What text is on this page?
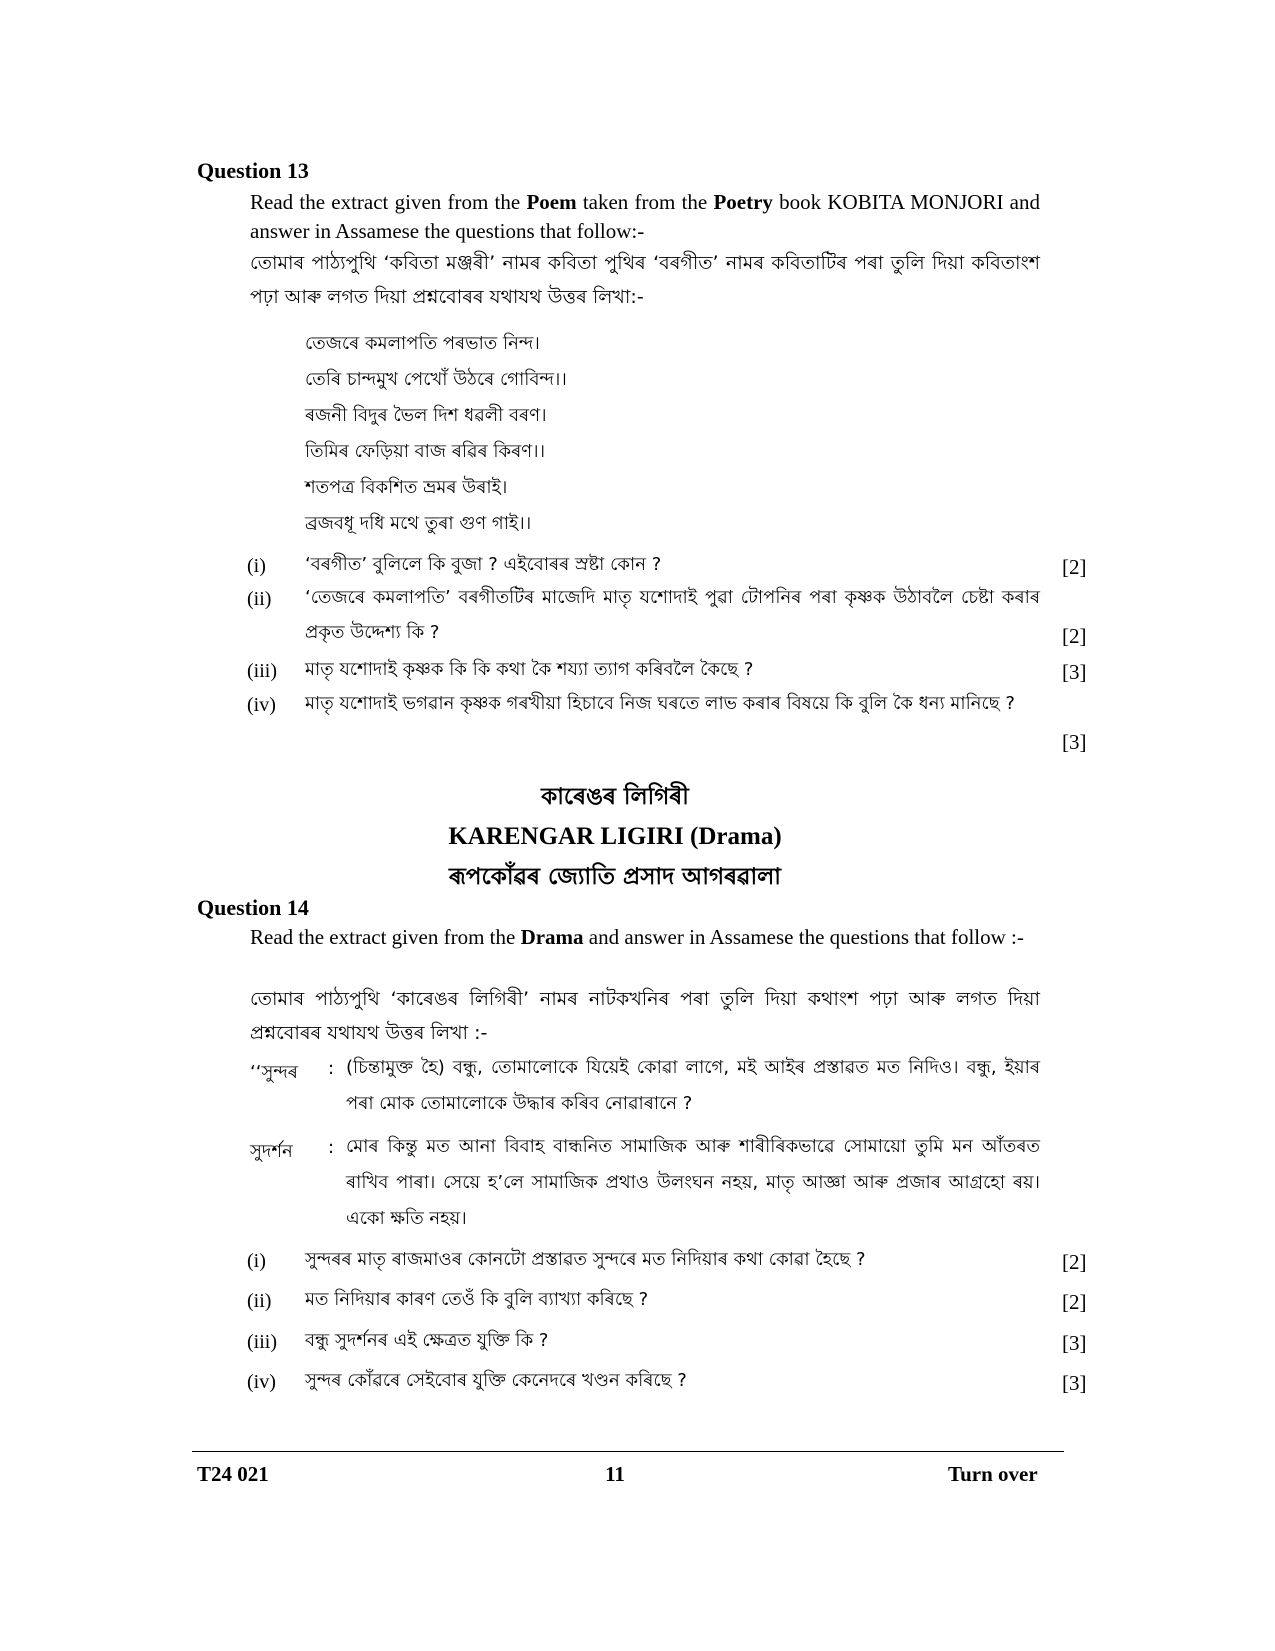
Question 13
Read the extract given from the Poem taken from the Poetry book KOBITA MONJORI and answer in Assamese the questions that follow:-
তোমাৰ পাঠ্যপুথি ‘কবিতা মঞ্জৰী’ নামৰ কবিতা পুথিৰ ‘বৰগীত’ নামৰ কবিতাটিৰ পৰা তুলি দিয়া কবিতাংশ পঢ়া আৰু লগত দিয়া প্ৰশ্নবোৰৰ যথাযথ উত্তৰ লিখা:-
তেজৰে কমলাপতি পৰভাত নিন্দ।
তেৰি চান্দমুখ পেখোঁ উঠৰে গোবিন্দ।।
ৰজনী বিদুৰ ভৈল দিশ ধৱলী বৰণ।
তিমিৰ ফেড়িয়া বাজ ৰৱিৰ কিৰণ।।
শতপত্ৰ বিকশিত ভ্ৰমৰ উৰাই।
ব্ৰজবধূ দধি মথে তুৰা গুণ গাই।।
(i) ‘বৰগীত’ বুলিলে কি বুজা ? এইবোৰৰ স্ৰষ্টা কোন ?	[2]
(ii) ‘তেজৰে কমলাপতি’ বৰগীতটিৰ মাজেদি মাতৃ যশোদাই পুৱা টোপনিৰ পৰা কৃষ্ণক উঠাবলৈ চেষ্টা কৰাৰ প্ৰকৃত উদ্দেশ্য কি ?	[2]
(iii) মাতৃ যশোদাই কৃষ্ণক কি কি কথা কৈ শয্যা ত্যাগ কৰিবলৈ কৈছে ?	[3]
(iv) মাতৃ যশোদাই ভগৱান কৃষ্ণক গৰখীয়া হিচাবে নিজ ঘৰতে লাভ কৰাৰ বিষয়ে কি বুলি কৈ ধন্য মানিছে ?
[3]
কাৰেঙৰ লিগিৰী
KARENGAR LIGIRI (Drama)
ৰূপকোঁৱৰ জ্যোতি প্ৰসাদ আগৰৱালা
Question 14
Read the extract given from the Drama and answer in Assamese the questions that follow :-
তোমাৰ পাঠ্যপুথি ‘কাৰেঙৰ লিগিৰী’ নামৰ নাটকখনিৰ পৰা তুলি দিয়া কথাংশ পঢ়া আৰু লগত দিয়া প্ৰশ্নবোৰৰ যথাযথ উত্তৰ লিখা :-
‘‘সুন্দৰ : (চিন্তামুক্ত হৈ) বন্ধু, তোমালোকে যিয়েই কোৱা লাগে, মই আইৰ প্ৰস্তাৱত মত নিদিও। বন্ধু, ইয়াৰ পৰা মোক তোমালোকে উদ্ধাৰ কৰিব নোৱাৰানে ?
সুদৰ্শন : মোৰ কিন্তু মত আনা বিবাহ বান্ধনিত সামাজিক আৰু শাৰীৰিকভাৱে সোমায়ো তুমি মন আঁতৰত ৰাখিব পাৰা। সেয়ে হ’লে সামাজিক প্ৰথাও উলংঘন নহয়, মাতৃ আজ্ঞা আৰু প্ৰজাৰ আগ্ৰহো ৰয়। একো ক্ষতি নহয়।
(i) সুন্দৰৰ মাতৃ ৰাজমাওৰ কোনটো প্ৰস্তাৱত সুন্দৰে মত নিদিয়াৰ কথা কোৱা হৈছে ?	[2]
(ii) মত নিদিয়াৰ কাৰণ তেওঁ কি বুলি ব্যাখ্যা কৰিছে ?	[2]
(iii) বন্ধু সুদৰ্শনৰ এই ক্ষেত্ৰত যুক্তি কি ?	[3]
(iv) সুন্দৰ কোঁৱৰে সেইবোৰ যুক্তি কেনেদৰে খণ্ডন কৰিছে ?	[3]
T24 021	11	Turn over
